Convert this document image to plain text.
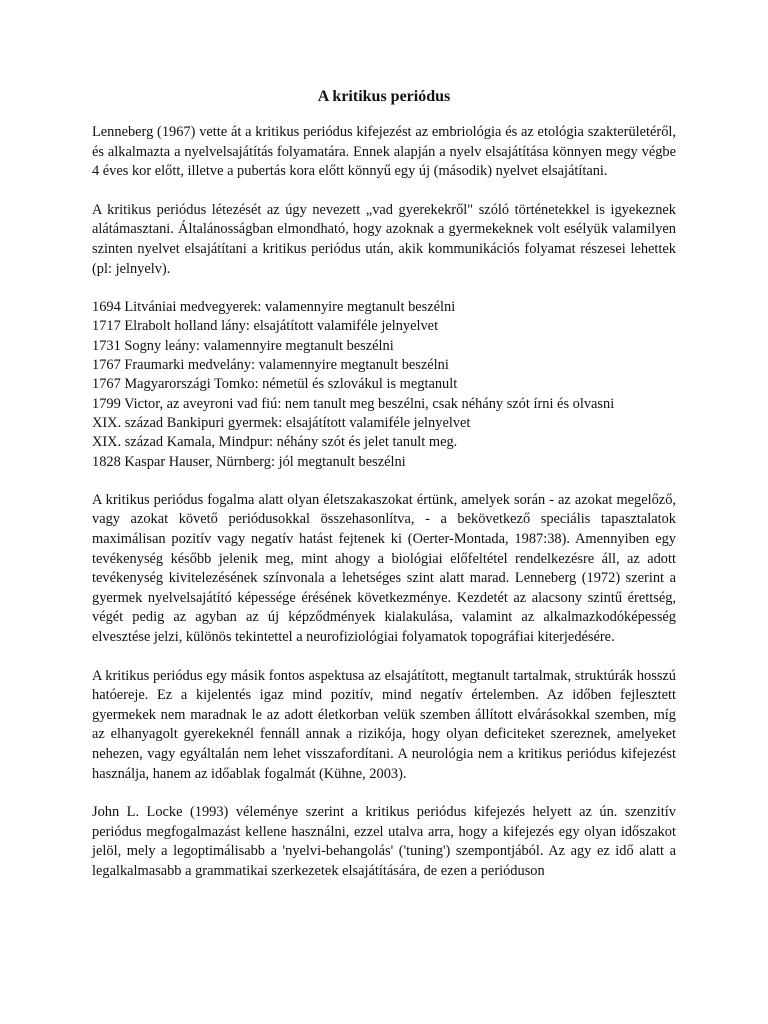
A kritikus periódus

Lenneberg (1967) vette át a kritikus periódus kifejezést az embriológia és az etológia szakterületéről, és alkalmazta a nyelvelsajátítás folyamatára. Ennek alapján a nyelv elsajátítása könnyen megy végbe 4 éves kor előtt, illetve a pubertás kora előtt könnyű egy új (második) nyelvet elsajátítani.

A kritikus periódus létezését az úgy nevezett „vad gyerekekről" szóló történetekkel is igyekeznek alátámasztani. Általánosságban elmondható, hogy azoknak a gyermekeknek volt esélyük valamilyen szinten nyelvet elsajátítani a kritikus periódus után, akik kommunikációs folyamat részesei lehettek (pl: jelnyelv).

1694 Litvániai medvegyerek: valamennyire megtanult beszélni
1717 Elrabolt holland lány: elsajátított valamiféle jelnyelvet
1731 Sogny leány: valamennyire megtanult beszélni
1767 Fraumarki medvelány: valamennyire megtanult beszélni
1767 Magyarországi Tomko: németül és szlovákul is megtanult
1799 Victor, az aveyroni vad fiú: nem tanult meg beszélni, csak néhány szót írni és olvasni
XIX. század Bankipuri gyermek: elsajátított valamiféle jelnyelvet
XIX. század Kamala, Mindpur: néhány szót és jelet tanult meg.
1828 Kaspar Hauser, Nürnberg: jól megtanult beszélni

A kritikus periódus fogalma alatt olyan életszakaszokat értünk, amelyek során - az azokat megelőző, vagy azokat követő periódusokkal összehasonlítva, - a bekövetkező speciális tapasztalatok maximálisan pozitív vagy negatív hatást fejtenek ki (Oerter-Montada, 1987:38). Amennyiben egy tevékenység később jelenik meg, mint ahogy a biológiai előfeltétel rendelkezésre áll, az adott tevékenység kivitelezésének színvonala a lehetséges szint alatt marad. Lenneberg (1972) szerint a gyermek nyelvelsajátító képessége érésének következménye. Kezdetét az alacsony szintű érettség, végét pedig az agyban az új képződmények kialakulása, valamint az alkalmazkodóképesség elvesztése jelzi, különös tekintettel a neurofiziológiai folyamatok topográfiai kiterjedésére.

A kritikus periódus egy másik fontos aspektusa az elsajátított, megtanult tartalmak, struktúrák hosszú hatóereje. Ez a kijelentés igaz mind pozitív, mind negatív értelemben. Az időben fejlesztett gyermekek nem maradnak le az adott életkorban velük szemben állított elvárásokkal szemben, míg az elhanyagolt gyerekeknél fennáll annak a rizikója, hogy olyan deficiteket szereznek, amelyeket nehezen, vagy egyáltalán nem lehet visszafordítani. A neurológia nem a kritikus periódus kifejezést használja, hanem az időablak fogalmát (Kühne, 2003).

John L. Locke (1993) véleménye szerint a kritikus periódus kifejezés helyett az ún. szenzitív periódus megfogalmazást kellene használni, ezzel utalva arra, hogy a kifejezés egy olyan időszakot jelöl, mely a legoptimálisabb a 'nyelvi-behangolás' ('tuning') szempontjából. Az agy ez idő alatt a legalkalmasabb a grammatikai szerkezetek elsajátítására, de ezen a perióduson
